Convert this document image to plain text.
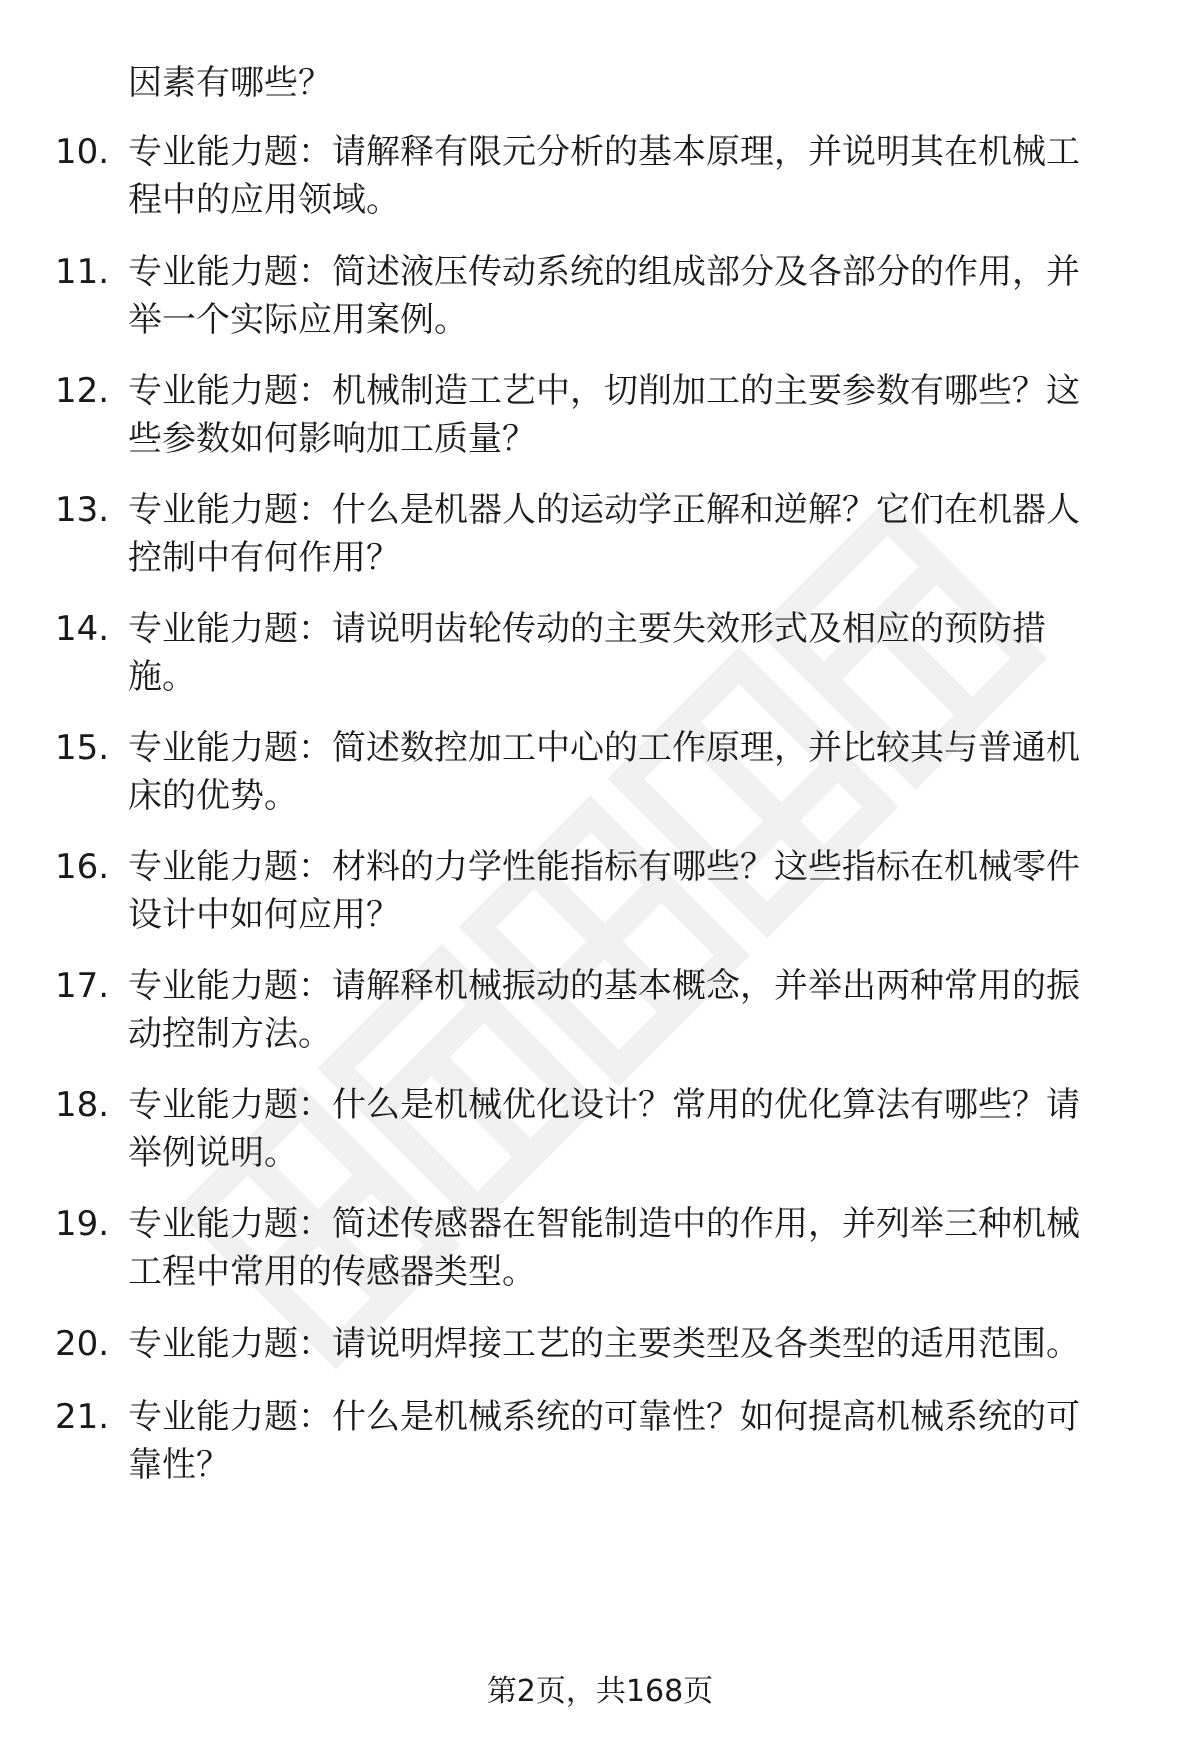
因素有哪些？
10. 专业能力题：请解释有限元分析的基本原理，并说明其在机械工
程中的应用领域。
11. 专业能力题：简述液压传动系统的组成部分及各部分的作用，并
举一个实际应用案例。
12. 专业能力题：机械制造工艺中，切削加工的主要参数有哪些？这
些参数如何影响加工质量？
13. 专业能力题：什么是机器人的运动学正解和逆解？它们在机器人
控制中有何作用？
14. 专业能力题：请说明齿轮传动的主要失效形式及相应的预防措
施。
15. 专业能力题：简述数控加工中心的工作原理，并比较其与普通机
床的优势。
16. 专业能力题：材料的力学性能指标有哪些？这些指标在机械零件
设计中如何应用？
17. 专业能力题：请解释机械振动的基本概念，并举出两种常用的振
动控制方法。
18. 专业能力题：什么是机械优化设计？常用的优化算法有哪些？请
举例说明。
19. 专业能力题：简述传感器在智能制造中的作用，并列举三种机械
工程中常用的传感器类型。
20. 专业能力题：请说明焊接工艺的主要类型及各类型的适用范围。
21. 专业能力题：什么是机械系统的可靠性？如何提高机械系统的可
靠性？
第2页，共168页
